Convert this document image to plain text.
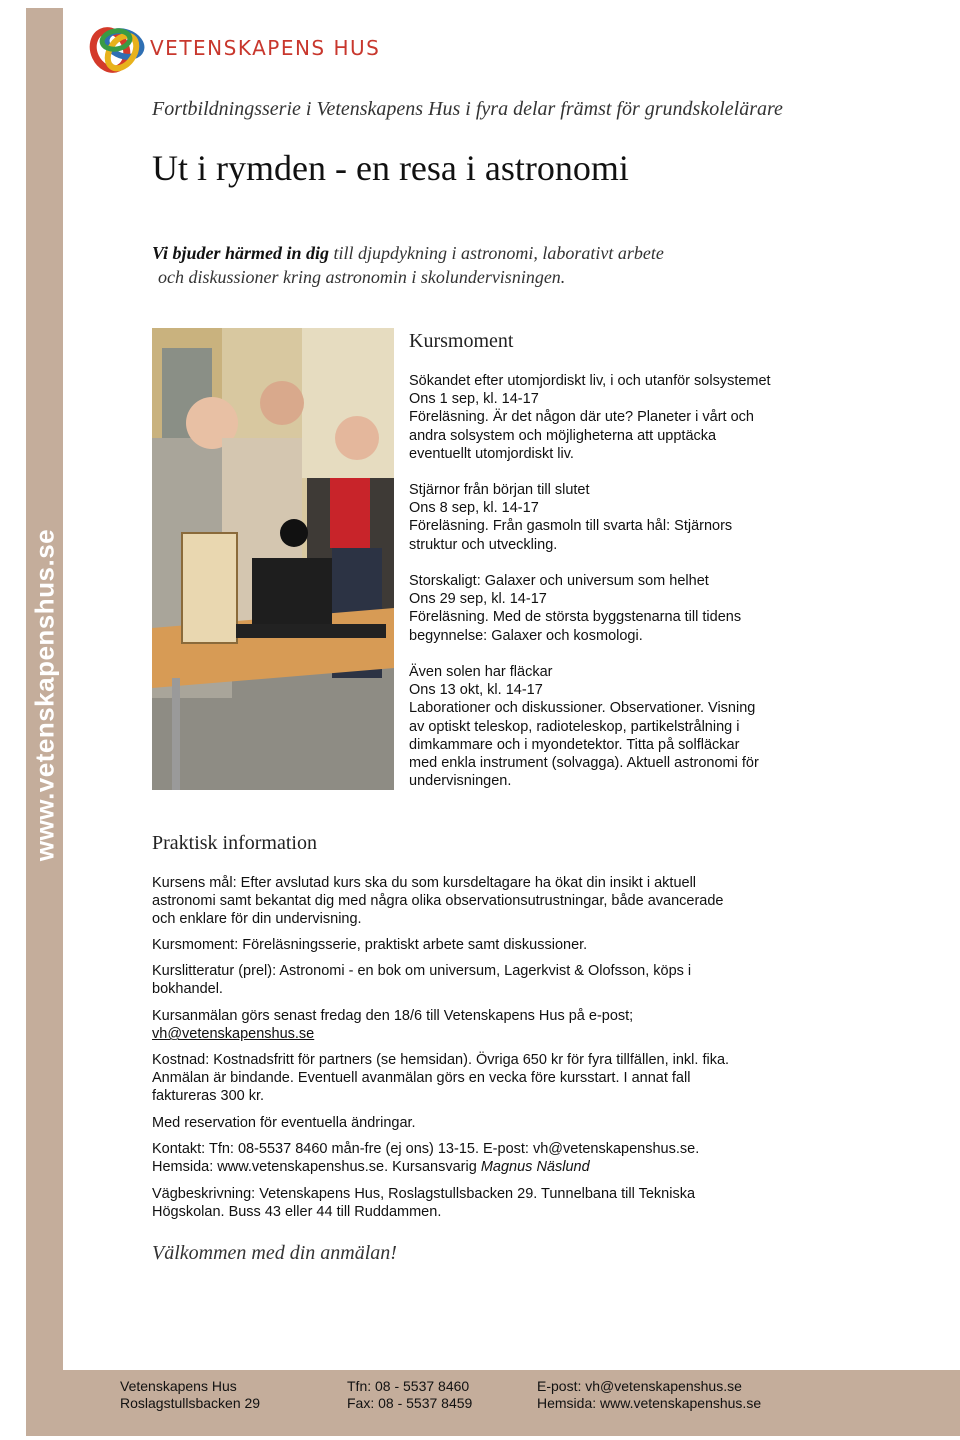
www.vetenskapenshus.se
VETENSKAPENS HUS
Fortbildningsserie i Vetenskapens Hus i fyra delar främst för grundskolelärare
Ut i rymden - en resa i astronomi
Vi bjuder härmed in dig till djupdykning i astronomi, laborativt arbete
och diskussioner kring astronomin i skolundervisningen.
Kursmoment
Sökandet efter utomjordiskt liv, i och utanför solsystemet
Ons 1 sep, kl. 14-17
Föreläsning. Är det någon där ute? Planeter i vårt och
andra solsystem och möjligheterna att upptäcka
eventuellt utomjordiskt liv.
Stjärnor från början till slutet
Ons 8 sep, kl. 14-17
Föreläsning. Från gasmoln till svarta hål: Stjärnors
struktur och utveckling.
Storskaligt: Galaxer och universum som helhet
Ons 29 sep, kl. 14-17
Föreläsning. Med de största byggstenarna till tidens
begynnelse: Galaxer och kosmologi.
Även solen har fläckar
Ons 13 okt, kl. 14-17
Laborationer och diskussioner. Observationer. Visning
av optiskt teleskop, radioteleskop, partikelstrålning i
dimkammare och i myondetektor. Titta på solfläckar
med enkla instrument (solvagga). Aktuell astronomi för
undervisningen.
Praktisk information
Kursens mål: Efter avslutad kurs ska du som kursdeltagare ha ökat din insikt i aktuell
astronomi samt bekantat dig med några olika observationsutrustningar, både avancerade
och enklare för din undervisning.
Kursmoment: Föreläsningsserie, praktiskt arbete samt diskussioner.
Kurslitteratur (prel): Astronomi - en bok om universum, Lagerkvist & Olofsson, köps i
bokhandel.
Kursanmälan görs senast fredag den 18/6 till Vetenskapens Hus på e-post;
vh@vetenskapenshus.se
Kostnad: Kostnadsfritt för partners (se hemsidan). Övriga 650 kr för fyra tillfällen, inkl. fika.
Anmälan är bindande. Eventuell avanmälan görs en vecka före kursstart. I annat fall
faktureras 300 kr.
Med reservation för eventuella ändringar.
Kontakt: Tfn: 08-5537 8460 mån-fre (ej ons) 13-15. E-post: vh@vetenskapenshus.se.
Hemsida: www.vetenskapenshus.se. Kursansvarig Magnus Näslund
Vägbeskrivning: Vetenskapens Hus, Roslagstullsbacken 29. Tunnelbana till Tekniska
Högskolan. Buss 43 eller 44 till Ruddammen.
Välkommen med din anmälan!
Vetenskapens Hus
Roslagstullsbacken 29
Tfn: 08 - 5537 8460
Fax: 08 - 5537 8459
E-post: vh@vetenskapenshus.se
Hemsida: www.vetenskapenshus.se
